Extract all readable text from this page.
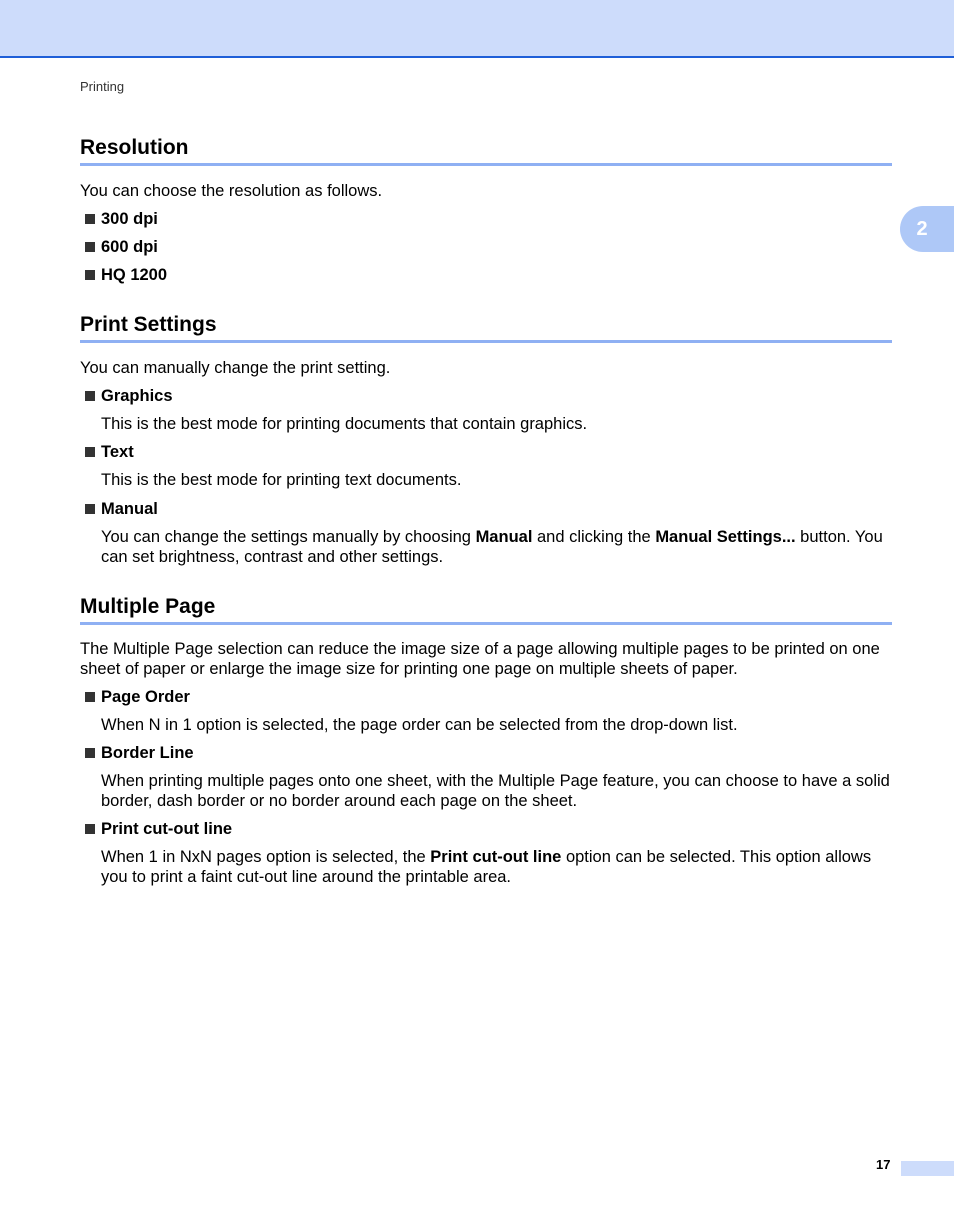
Printing
2
Resolution

You can choose the resolution as follows.

300 dpi
600 dpi
HQ 1200
Print Settings

You can manually change the print setting.

Graphics

This is the best mode for printing documents that contain graphics.

Text

This is the best mode for printing text documents.

Manual

You can change the settings manually by choosing Manual and clicking the Manual Settings... button. You can set brightness, contrast and other settings.

Multiple Page

The Multiple Page selection can reduce the image size of a page allowing multiple pages to be printed on one sheet of paper or enlarge the image size for printing one page on multiple sheets of paper.

Page Order

When N in 1 option is selected, the page order can be selected from the drop-down list.

Border Line

When printing multiple pages onto one sheet, with the Multiple Page feature, you can choose to have a solid border, dash border or no border around each page on the sheet.

Print cut-out line

When 1 in NxN pages option is selected, the Print cut-out line option can be selected. This option allows you to print a faint cut-out line around the printable area.

17
